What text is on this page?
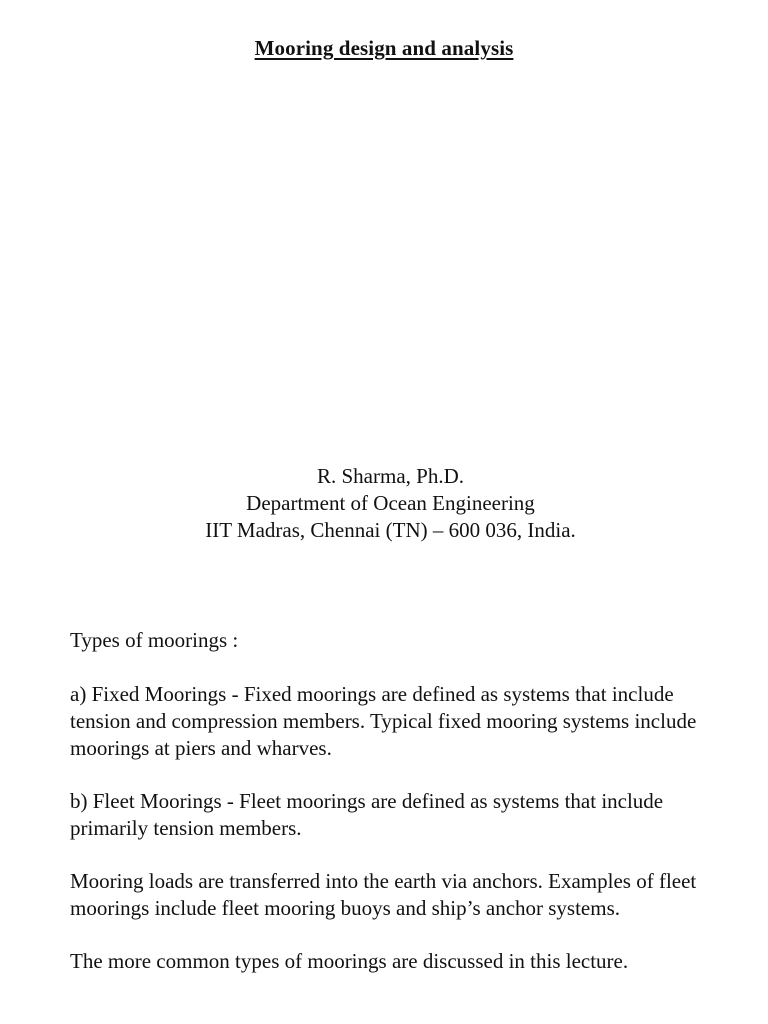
Mooring design and analysis
R. Sharma, Ph.D.
Department of Ocean Engineering
IIT Madras, Chennai (TN) – 600 036, India.

Types of moorings :

a) Fixed Moorings - Fixed moorings are defined as systems that include tension and compression members. Typical fixed mooring systems include moorings at piers and wharves.

b) Fleet Moorings - Fleet moorings are defined as systems that include primarily tension members.

Mooring loads are transferred into the earth via anchors. Examples of fleet moorings include fleet mooring buoys and ship’s anchor systems.

The more common types of moorings are discussed in this lecture.
